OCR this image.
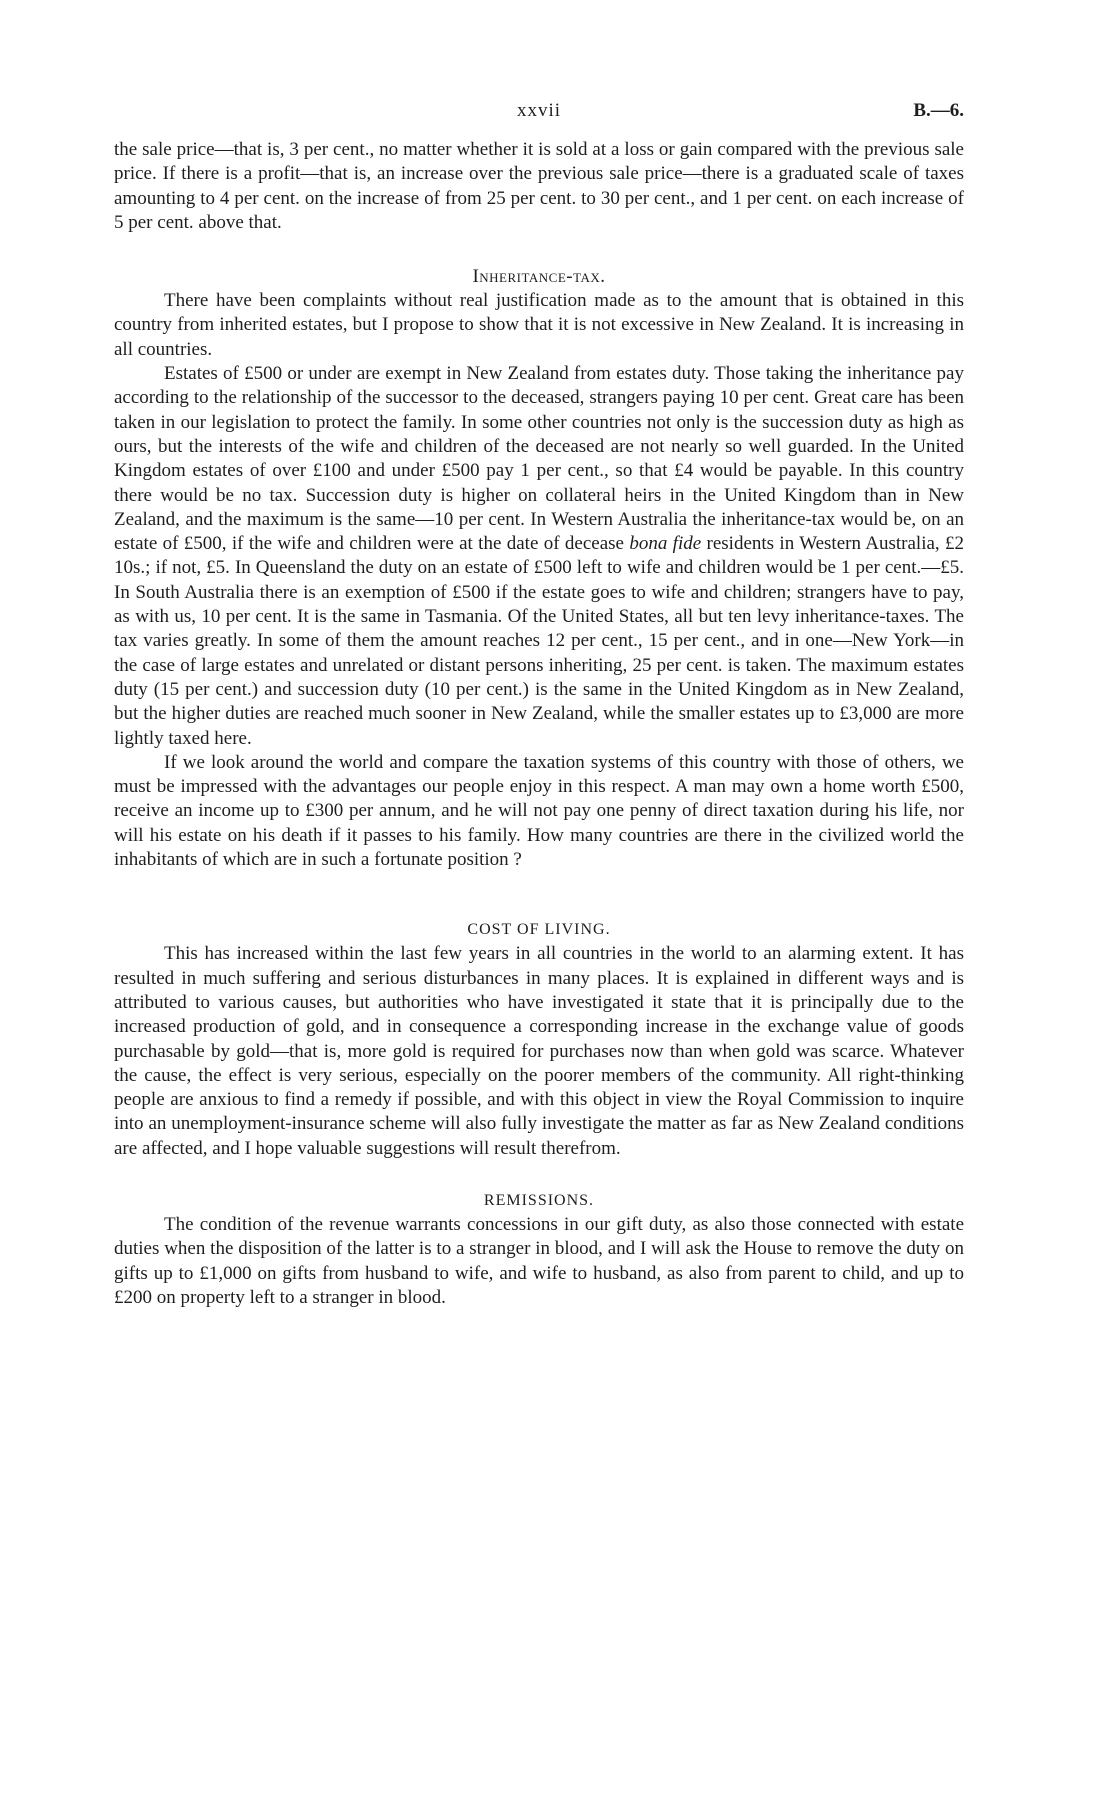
xxvii	B.—6.

the sale price—that is, 3 per cent., no matter whether it is sold at a loss or gain compared with the previous sale price. If there is a profit—that is, an increase over the previous sale price—there is a graduated scale of taxes amounting to 4 per cent. on the increase of from 25 per cent. to 30 per cent., and 1 per cent. on each increase of 5 per cent. above that.

Inheritance-tax.

There have been complaints without real justification made as to the amount that is obtained in this country from inherited estates, but I propose to show that it is not excessive in New Zealand. It is increasing in all countries.

Estates of £500 or under are exempt in New Zealand from estates duty. Those taking the inheritance pay according to the relationship of the successor to the deceased, strangers paying 10 per cent. Great care has been taken in our legislation to protect the family. In some other countries not only is the succession duty as high as ours, but the interests of the wife and children of the deceased are not nearly so well guarded. In the United Kingdom estates of over £100 and under £500 pay 1 per cent., so that £4 would be payable. In this country there would be no tax. Succession duty is higher on collateral heirs in the United Kingdom than in New Zealand, and the maximum is the same—10 per cent. In Western Australia the inheritance-tax would be, on an estate of £500, if the wife and children were at the date of decease bona fide residents in Western Australia, £2 10s.; if not, £5. In Queensland the duty on an estate of £500 left to wife and children would be 1 per cent.—£5. In South Australia there is an exemption of £500 if the estate goes to wife and children; strangers have to pay, as with us, 10 per cent. It is the same in Tasmania. Of the United States, all but ten levy inheritance-taxes. The tax varies greatly. In some of them the amount reaches 12 per cent., 15 per cent., and in one—New York—in the case of large estates and unrelated or distant persons inheriting, 25 per cent. is taken. The maximum estates duty (15 per cent.) and succession duty (10 per cent.) is the same in the United Kingdom as in New Zealand, but the higher duties are reached much sooner in New Zealand, while the smaller estates up to £3,000 are more lightly taxed here.

If we look around the world and compare the taxation systems of this country with those of others, we must be impressed with the advantages our people enjoy in this respect. A man may own a home worth £500, receive an income up to £300 per annum, and he will not pay one penny of direct taxation during his life, nor will his estate on his death if it passes to his family. How many countries are there in the civilized world the inhabitants of which are in such a fortunate position ?

COST OF LIVING.

This has increased within the last few years in all countries in the world to an alarming extent. It has resulted in much suffering and serious disturbances in many places. It is explained in different ways and is attributed to various causes, but authorities who have investigated it state that it is principally due to the increased production of gold, and in consequence a corresponding increase in the exchange value of goods purchasable by gold—that is, more gold is required for purchases now than when gold was scarce. Whatever the cause, the effect is very serious, especially on the poorer members of the community. All right-thinking people are anxious to find a remedy if possible, and with this object in view the Royal Commission to inquire into an unemployment-insurance scheme will also fully investigate the matter as far as New Zealand conditions are affected, and I hope valuable suggestions will result therefrom.

REMISSIONS.

The condition of the revenue warrants concessions in our gift duty, as also those connected with estate duties when the disposition of the latter is to a stranger in blood, and I will ask the House to remove the duty on gifts up to £1,000 on gifts from husband to wife, and wife to husband, as also from parent to child, and up to £200 on property left to a stranger in blood.
